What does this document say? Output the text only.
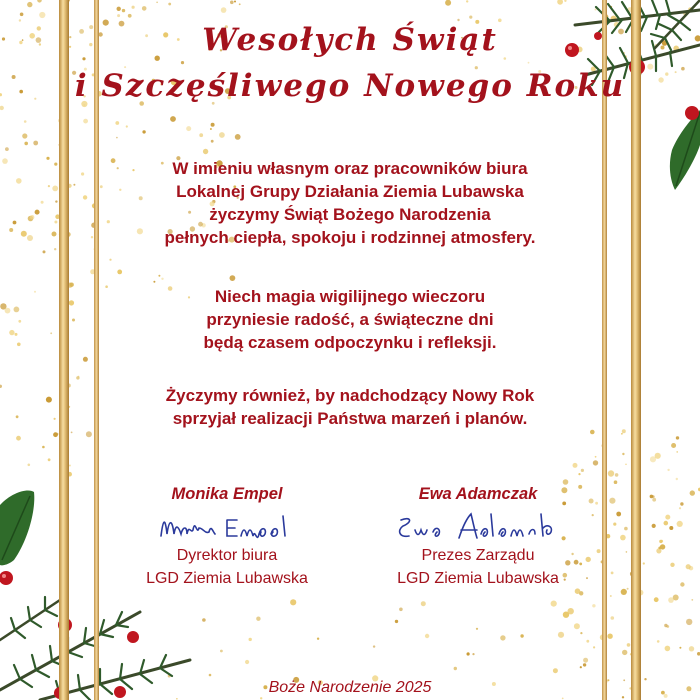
Wesołych Świąt

i Szczęśliwego Nowego Roku

W imieniu własnym oraz pracowników biura
Lokalnej Grupy Działania Ziemia Lubawska
życzymy Świąt Bożego Narodzenia
pełnych ciepła, spokoju i rodzinnej atmosfery.
Niech magia wigilijnego wieczoru
przyniesie radość, a świąteczne dni
będą czasem odpoczynku i refleksji.
Życzymy również, by nadchodzący Nowy Rok
sprzyjał realizacji Państwa marzeń i planów.
Monika Empel
Dyrektor biura
LGD Ziemia Lubawska
Ewa Adamczak
Prezes Zarządu
LGD Ziemia Lubawska

Boże Narodzenie 2025
